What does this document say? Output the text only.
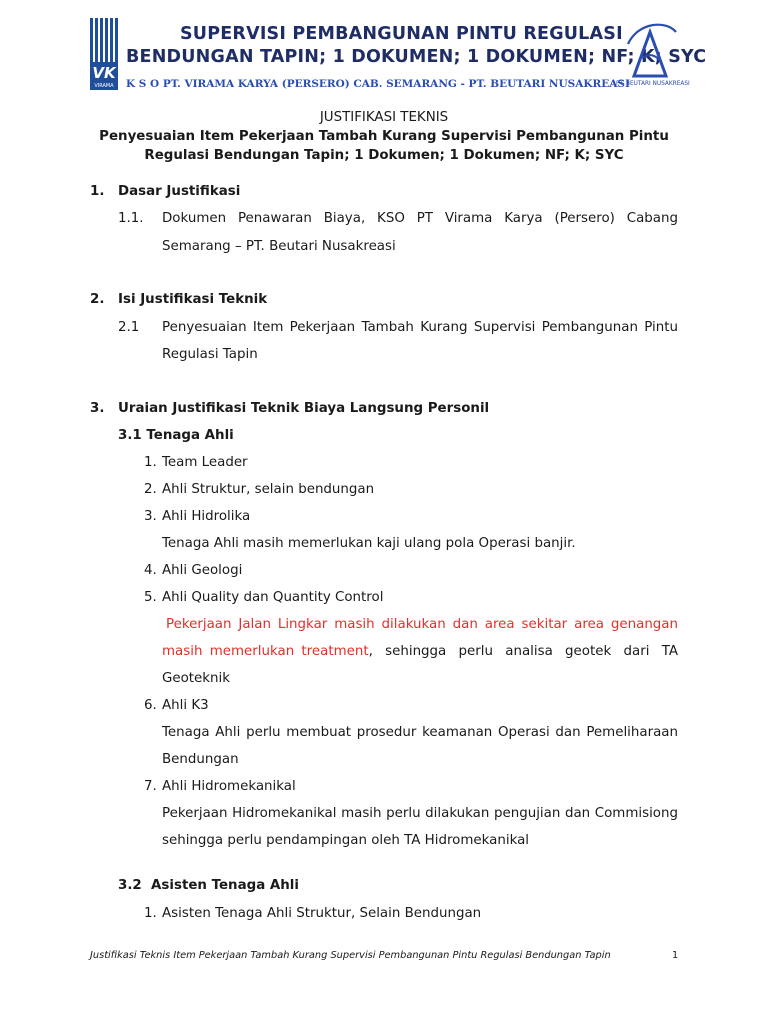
VK
VIRAMA
SUPERVISI PEMBANGUNAN PINTU REGULASI
BENDUNGAN TAPIN; 1 DOKUMEN; 1 DOKUMEN; NF; K; SYC
K S O PT. VIRAMA KARYA (PERSERO) CAB. SEMARANG - PT. BEUTARI NUSAKREASI
PT. BEUTARI NUSAKREASI
JUSTIFIKASI TEKNIS
Penyesuaian Item Pekerjaan Tambah Kurang Supervisi Pembangunan Pintu
Regulasi Bendungan Tapin; 1 Dokumen; 1 Dokumen; NF; K; SYC
1. Dasar Justifikasi
1.1. Dokumen Penawaran Biaya, KSO PT Virama Karya (Persero) Cabang
Semarang – PT. Beutari Nusakreasi
2. Isi Justifikasi Teknik
2.1 Penyesuaian Item Pekerjaan Tambah Kurang Supervisi Pembangunan Pintu
Regulasi Tapin
3. Uraian Justifikasi Teknik Biaya Langsung Personil
3.1 Tenaga Ahli
1. Team Leader
2. Ahli Struktur, selain bendungan
3. Ahli Hidrolika
Tenaga Ahli masih memerlukan kaji ulang pola Operasi banjir.
4. Ahli Geologi
5. Ahli Quality dan Quantity Control
Pekerjaan Jalan Lingkar masih dilakukan dan area sekitar area genangan
masih memerlukan treatment , sehingga perlu analisa geotek dari TA
Geoteknik
6. Ahli K3
Tenaga Ahli perlu membuat prosedur keamanan Operasi dan Pemeliharaan
Bendungan
7. Ahli Hidromekanikal
Pekerjaan Hidromekanikal masih perlu dilakukan pengujian dan Commisiong
sehingga perlu pendampingan oleh TA Hidromekanikal
3.2  Asisten Tenaga Ahli
1. Asisten Tenaga Ahli Struktur, Selain Bendungan
Justifikasi Teknis Item Pekerjaan Tambah Kurang Supervisi Pembangunan Pintu Regulasi Bendungan Tapin	1
